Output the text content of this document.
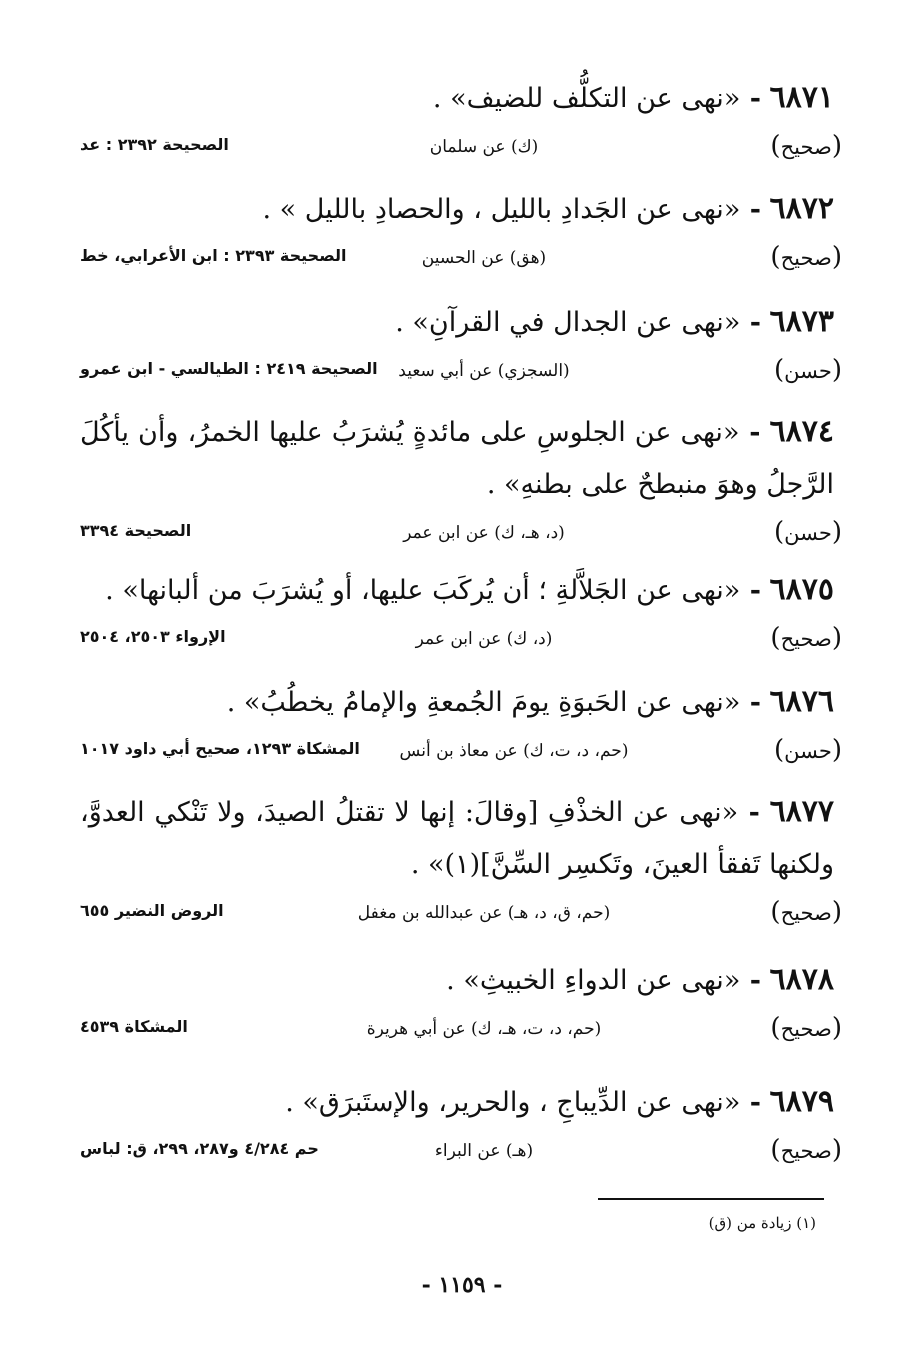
٦٨٧١ - «نهى عن التكلُّف للضيف» .

(صحيح)
(ك) عن سلمان
الصحيحة ٢٣٩٢ : عد

٦٨٧٢ - «نهى عن الجَدادِ بالليل ، والحصادِ بالليل » .

(صحيح)
(هق) عن الحسين
الصحيحة ٢٣٩٣ : ابن الأعرابي، خط

٦٨٧٣ - «نهى عن الجدال في القرآنِ» .

(حسن)
(السجزي) عن أبي سعيد
الصحيحة ٢٤١٩ : الطيالسي - ابن عمرو

٦٨٧٤ - «نهى عن الجلوسِ على مائدةٍ يُشرَبُ عليها الخمرُ، وأن يأكُلَ الرَّجلُ وهوَ منبطحٌ على بطنهِ» .

(حسن)
(د، هـ، ك) عن ابن عمر
الصحيحة ٣٣٩٤

٦٨٧٥ - «نهى عن الجَلاَّلةِ ؛ أن يُركَبَ عليها، أو يُشرَبَ من ألبانها» .

(صحيح)
(د، ك) عن ابن عمر
الإرواء ٢٥٠٣، ٢٥٠٤

٦٨٧٦ - «نهى عن الحَبوَةِ يومَ الجُمعةِ والإمامُ يخطُبُ» .

(حسن)
(حم، د، ت، ك) عن معاذ بن أنس
المشكاة ١٢٩٣، صحيح أبي داود ١٠١٧

٦٨٧٧ - «نهى عن الخذْفِ [وقالَ: إنها لا تقتلُ الصيدَ، ولا تَنْكي العدوَّ، ولكنها تَفقأ العينَ، وتَكسِر السِّنَّ](١)» .

(صحيح)
(حم، ق، د، هـ) عن عبدالله بن مغفل
الروض النضير ٦٥٥

٦٨٧٨ - «نهى عن الدواءِ الخبيثِ» .

(صحيح)
(حم، د، ت، هـ، ك) عن أبي هريرة
المشكاة ٤٥٣٩

٦٨٧٩ - «نهى عن الدِّيباجِ ، والحرير، والإستَبرَق» .

(صحيح)
(هـ) عن البراء
حم ٤/٢٨٤ و٢٨٧، ٢٩٩، ق: لباس
(١) زيادة من (ق)
- ١١٥٩ -
